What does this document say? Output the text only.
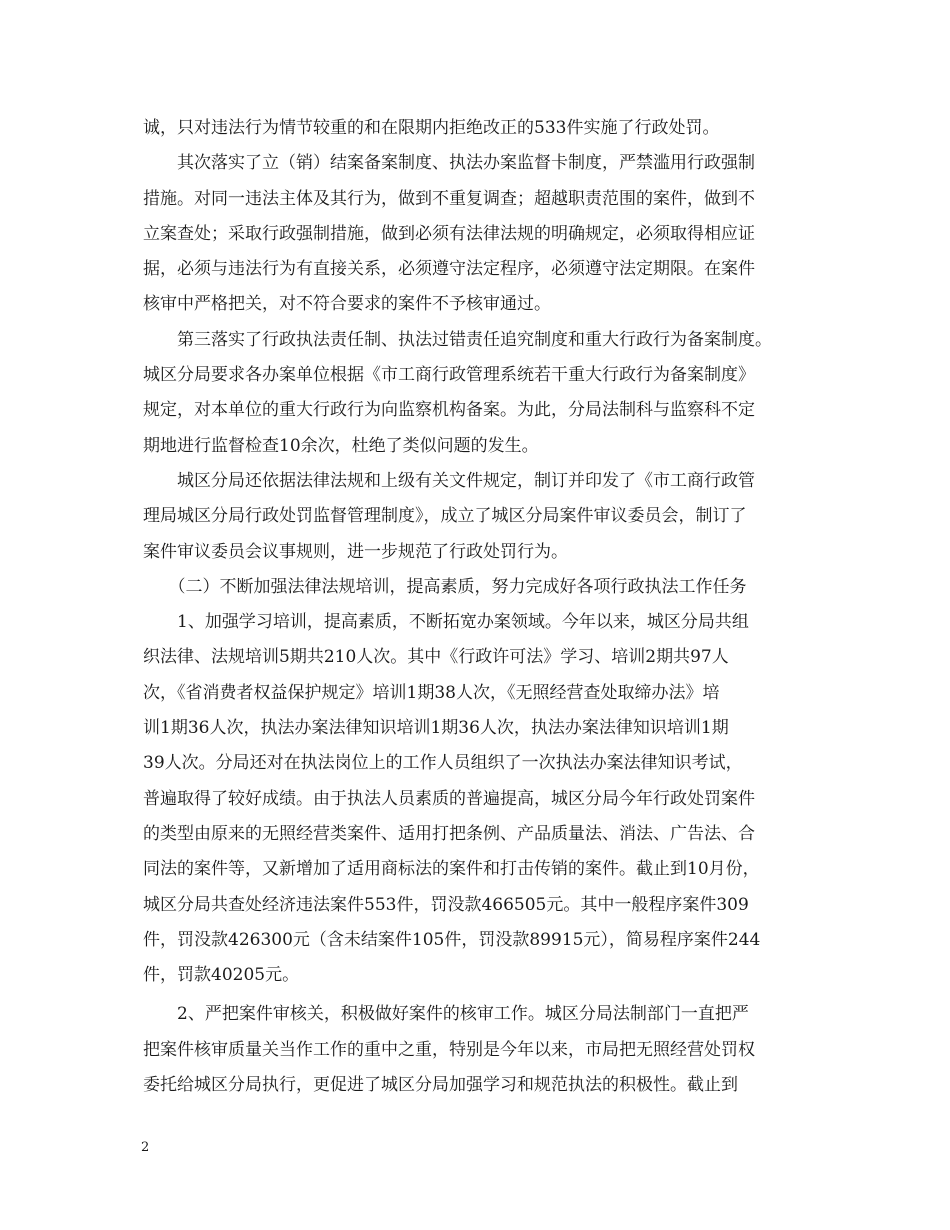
诚，只对违法行为情节较重的和在限期内拒绝改正的533件实施了行政处罚。
　　其次落实了立（销）结案备案制度、执法办案监督卡制度，严禁滥用行政强制
措施。对同一违法主体及其行为，做到不重复调查；超越职责范围的案件，做到不
立案查处；采取行政强制措施，做到必须有法律法规的明确规定，必须取得相应证
据，必须与违法行为有直接关系，必须遵守法定程序，必须遵守法定期限。在案件
核审中严格把关，对不符合要求的案件不予核审通过。
　　第三落实了行政执法责任制、执法过错责任追究制度和重大行政行为备案制度。
城区分局要求各办案单位根据《市工商行政管理系统若干重大行政行为备案制度》
规定，对本单位的重大行政行为向监察机构备案。为此，分局法制科与监察科不定
期地进行监督检查10余次，杜绝了类似问题的发生。
　　城区分局还依据法律法规和上级有关文件规定，制订并印发了《市工商行政管
理局城区分局行政处罚监督管理制度》，成立了城区分局案件审议委员会，制订了
案件审议委员会议事规则，进一步规范了行政处罚行为。
　　（二）不断加强法律法规培训，提高素质，努力完成好各项行政执法工作任务
　　1、加强学习培训，提高素质，不断拓宽办案领域。今年以来，城区分局共组
织法律、法规培训5期共210人次。其中《行政许可法》学习、培训2期共97人
次，《省消费者权益保护规定》培训1期38人次，《无照经营查处取缔办法》培
训1期36人次，执法办案法律知识培训1期36人次，执法办案法律知识培训1期
39人次。分局还对在执法岗位上的工作人员组织了一次执法办案法律知识考试，
普遍取得了较好成绩。由于执法人员素质的普遍提高，城区分局今年行政处罚案件
的类型由原来的无照经营类案件、适用打把条例、产品质量法、消法、广告法、合
同法的案件等，又新增加了适用商标法的案件和打击传销的案件。截止到10月份，
城区分局共查处经济违法案件553件，罚没款466505元。其中一般程序案件309
件，罚没款426300元（含未结案件105件，罚没款89915元），简易程序案件244
件，罚款40205元。
　　2、严把案件审核关，积极做好案件的核审工作。城区分局法制部门一直把严
把案件核审质量关当作工作的重中之重，特别是今年以来，市局把无照经营处罚权
委托给城区分局执行，更促进了城区分局加强学习和规范执法的积极性。截止到
2
